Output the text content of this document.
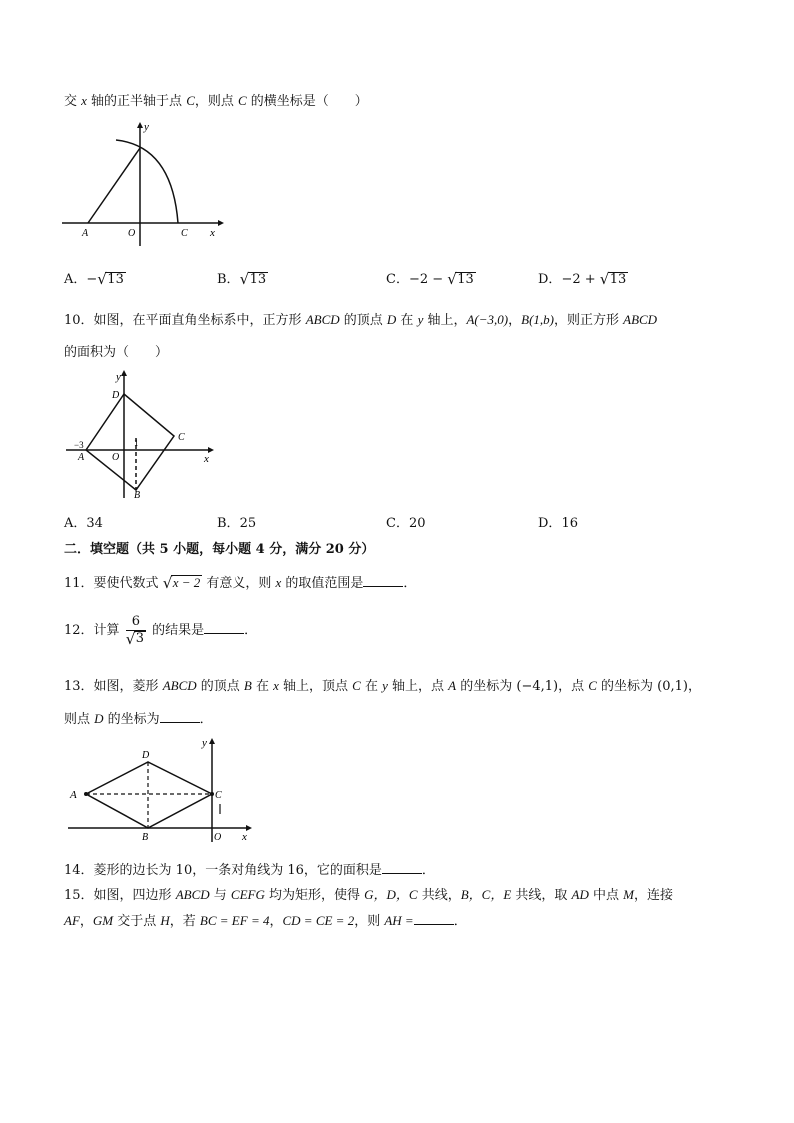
交 x 轴的正半轴于点 C，则点 C 的横坐标是（　　）
y
x
A	O	C
A．− √ 13	B． √ 13	C．−2 − √ 13	D．−2 + √ 13
10．如图，在平面直角坐标系中，正方形 ABCD 的顶点 D 在 y 轴上，A(−3,0)，B(1,b)，则正方形 ABCD
的面积为（　　）
y
D
C
−3
A	O
1
x
B
A．34	B．25	C．20	D．16
二．填空题（共 5 小题，每小题 4 分，满分 20 分）
11．要使代数式 √ x − 2 有意义，则 x 的取值范围是	．
12．计算 $\frac{6}{√ 3}$ 的结果是	．
13．如图，菱形 ABCD 的顶点 B 在 x 轴上，顶点 C 在 y 轴上，点 A 的坐标为 (−4,1)，点 C 的坐标为 (0,1)，
则点 D 的坐标为	．
y
D
A	C
B	O x
14．菱形的边长为 10，一条对角线为 16，它的面积是	．
15．如图，四边形 ABCD 与 CEFG 均为矩形，使得 G，D，C 共线，B，C，E 共线，取 AD 中点 M，连接
AF，GM 交于点 H，若 BC = EF = 4，CD = CE = 2，则 AH =	．
